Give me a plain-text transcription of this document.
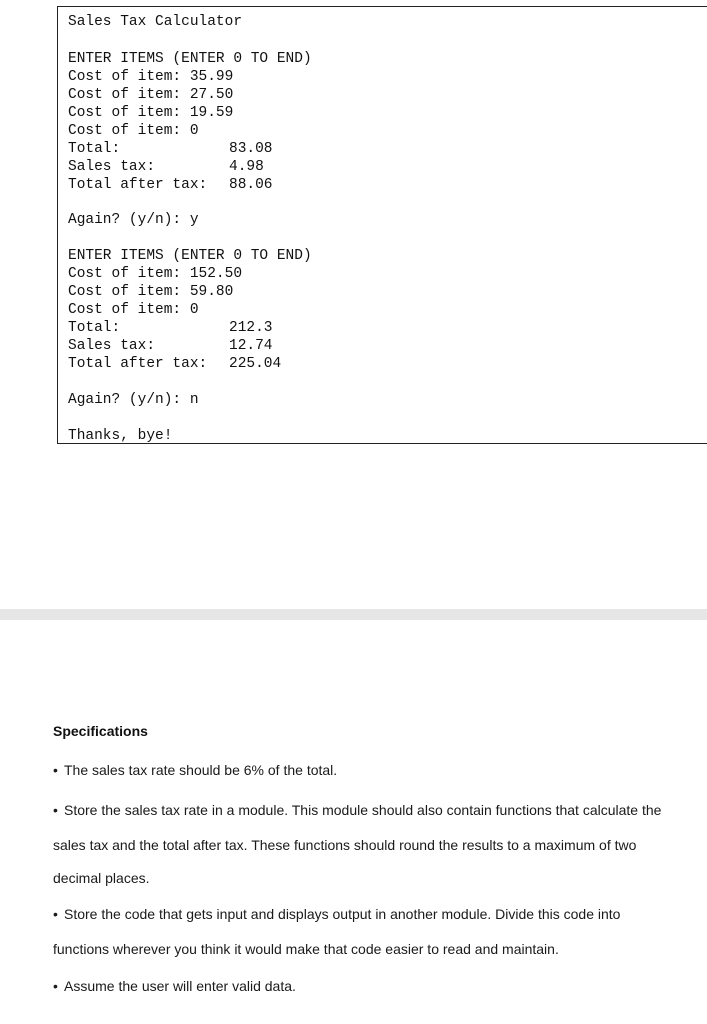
Sales Tax Calculator
ENTER ITEMS (ENTER 0 TO END)
Cost of item: 35.99
Cost of item: 27.50
Cost of item: 19.59
Cost of item: 0
Total:	83.08
Sales tax:	4.98
Total after tax: 88.06
Again? (y/n): y
ENTER ITEMS (ENTER 0 TO END)
Cost of item: 152.50
Cost of item: 59.80
Cost of item: 0
Total:	212.3
Sales tax:	12.74
Total after tax: 225.04
Again? (y/n): n
Thanks, bye!
Specifications
• The sales tax rate should be 6% of the total.
• Store the sales tax rate in a module. This module should also contain functions that calculate the
sales tax and the total after tax. These functions should round the results to a maximum of two
decimal places.
• Store the code that gets input and displays output in another module. Divide this code into
functions wherever you think it would make that code easier to read and maintain.
• Assume the user will enter valid data.
